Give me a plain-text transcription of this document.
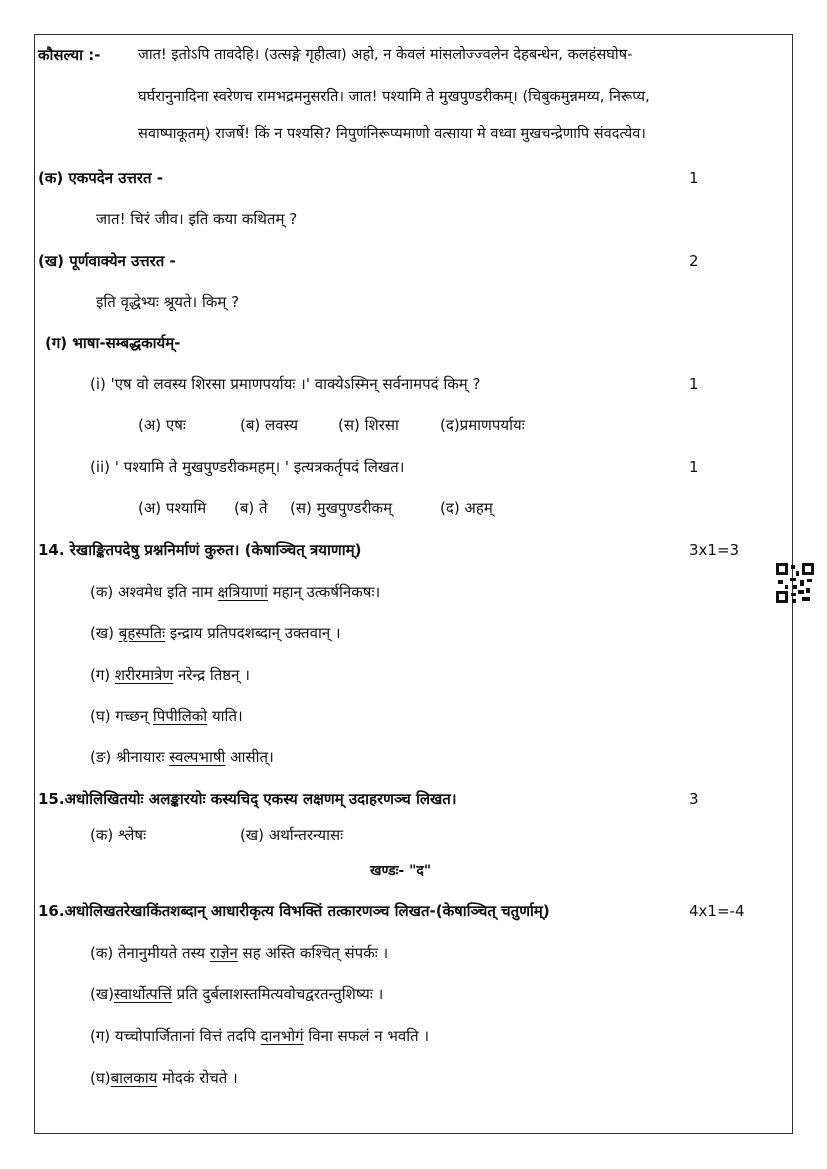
कौसल्या :-	जात! इतोऽपि तावदेहि। (उत्सङ्गे गृहीत्वा) अहो, न केवलं मांसलोज्ज्वलेन देहबन्धेन, कलहंसघोष-
घर्घरानुनादिना स्वरेणच रामभद्रमनुसरति। जात! पश्यामि ते मुखपुण्डरीकम्। (चिबुकमुन्नमय्य, निरूप्य,
सवाष्पाकूतम्) राजर्षे! किं न पश्यसि? निपुणंनिरूप्यमाणो वत्साया मे वध्वा मुखचन्द्रेणापि संवदत्येव।
(क) एकपदेन उत्तरत -	1
जात! चिरं जीव। इति कया कथितम् ?
(ख) पूर्णवाक्येन उत्तरत -	2
इति वृद्धेभ्यः श्रूयते। किम् ?
(ग) भाषा-सम्बद्धकार्यम्-
(i) 'एष वो लवस्य शिरसा प्रमाणपर्यायः ।' वाक्येऽस्मिन् सर्वनामपदं किम् ?	1
(अ) एषः	(ब) लवस्य	(स) शिरसा	(द)प्रमाणपर्यायः
(ii) ' पश्यामि ते मुखपुण्डरीकमहम्। ' इत्यत्रकर्तृपदं लिखत।	1
(अ) पश्यामि (ब) ते (स) मुखपुण्डरीकम्	(द) अहम्
14. रेखाङ्कितपदेषु प्रश्ननिर्माणं कुरुत। (केषाञ्चित् त्रयाणाम्)	3x1=3
(क) अश्वमेध इति नाम क्षत्रियाणां महान् उत्कर्षनिकषः।
(ख) बृहस्पतिः इन्द्राय प्रतिपदशब्दान् उक्तवान् ।
(ग) शरीरमात्रेण नरेन्द्र तिष्ठन् ।
(घ) गच्छन् पिपीलिको याति।
(ङ) श्रीनायारः स्वल्पभाषी आसीत्।
15.अधोलिखितयोः अलङ्कारयोः कस्यचिद् एकस्य लक्षणम् उदाहरणञ्च लिखत।	3
(क) श्लेषः	(ख) अर्थान्तरन्यासः
खण्डः- "द"
16.अधोलिखतरेखाकिंतशब्दान् आधारीकृत्य विभक्तिं तत्कारणञ्च लिखत-(केषाञ्चित् चतुर्णाम्)	4x1=-4
(क) तेनानुमीयते तस्य राज्ञेन सह अस्ति कश्चित् संपर्कः ।
(ख)स्वार्थोत्पत्तिं प्रति दुर्बलाशस्तमित्यवोचद्वरतन्तुशिष्यः ।
(ग) यच्चोपार्जितानां वित्तं तदपि दानभोगं विना सफलं न भवति ।
(घ)बालकाय मोदकं रोचते ।
